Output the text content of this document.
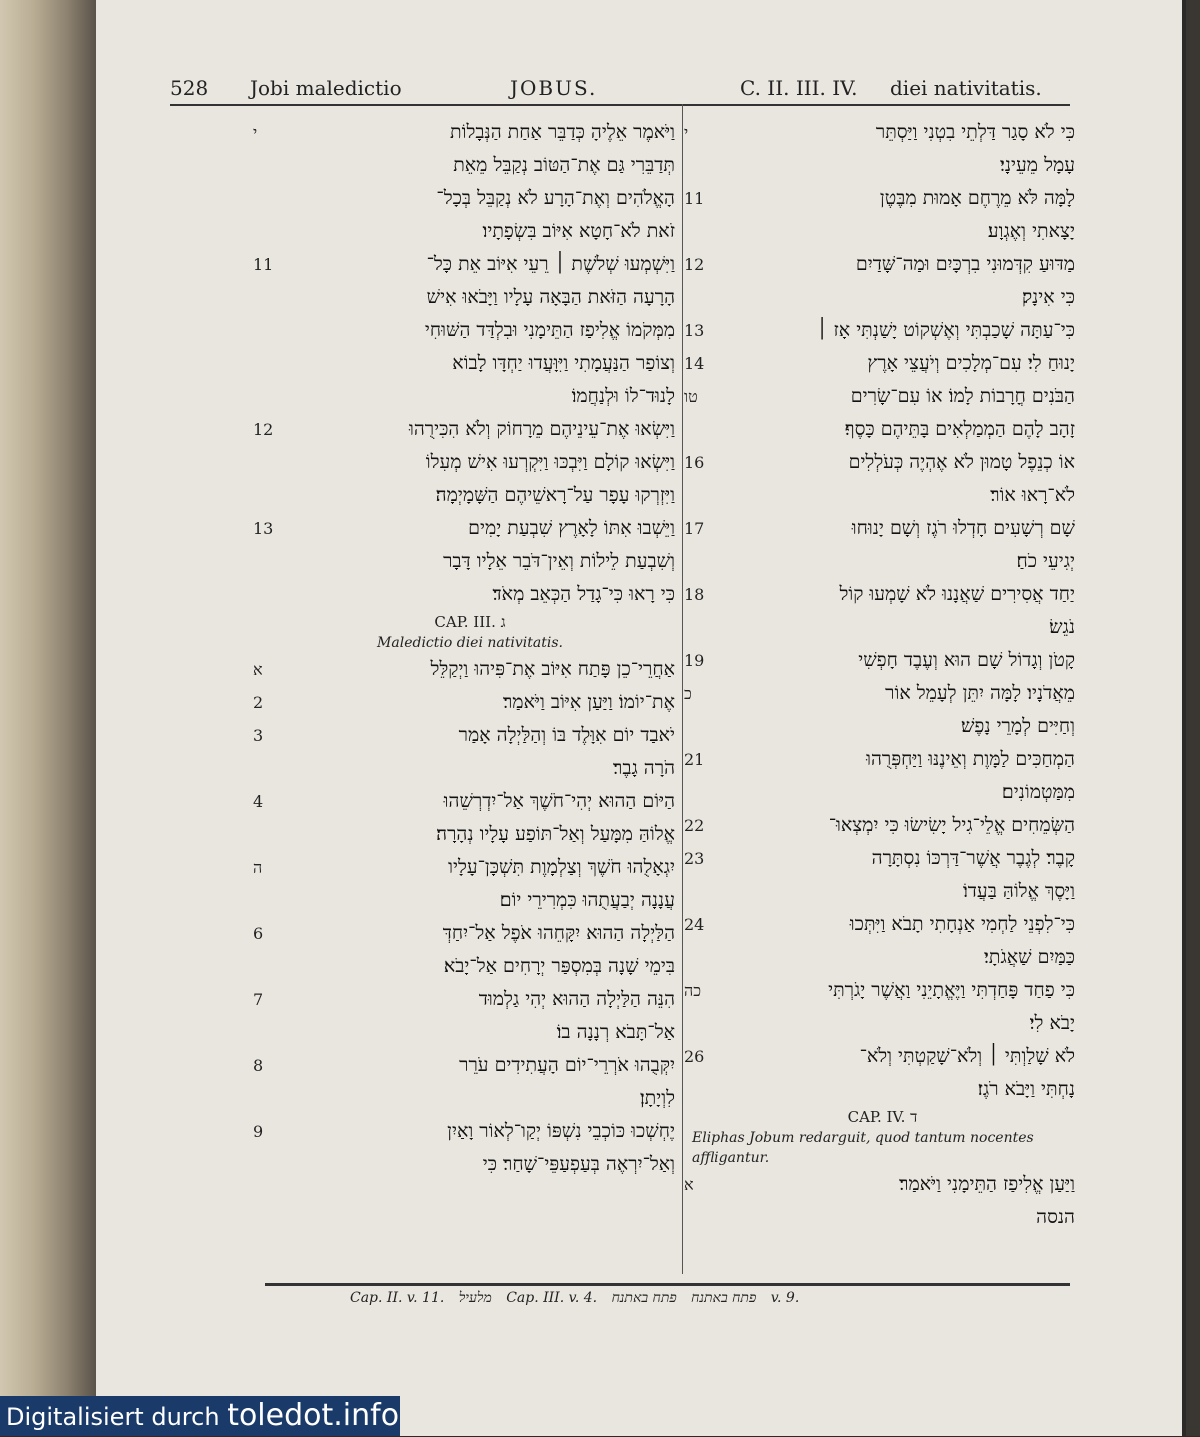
528 Jobi maledictio	JOBUS.	C. II. III. IV. diei nativitatis.
י	כִּי לֹא סָגַר דַּלְתֵי בִטְנִי וַיַּסְתֵּר
עָמָל מֵעֵינָי׃
11	לָמָּה לֹּא מֵרֶחֶם אָמוּת מִבֶּטֶן
יָצָאתִי וְאֶגְוָע׃
12	מַדּוּעַ קִדְּמוּנִי בִרְכָּיִם וּמַה־שָּׁדַיִם
כִּי אִינָק׃
13	כִּי־עַתָּה שָׁכַבְתִּי וְאֶשְׁקוֹט יָשַׁנְתִּי אָז ׀
14	יָנוּחַ לִי׃ עִם־מְלָכִים וְיֹעֲצֵי אָרֶץ
טו	הַבֹּנִים חֳרָבוֹת לָמוֹ׃ אוֹ עִם־שָׂרִים
זָהָב לָהֶם הַמְמַלְאִים בָּתֵּיהֶם כָּסֶף׃
16	אוֹ כְנֵפֶל טָמוּן לֹא אֶהְיֶה כְּעֹלְלִים
לֹא־רָאוּ אוֹר׃
17	שָׁם רְשָׁעִים חָדְלוּ רֹגֶז וְשָׁם יָנוּחוּ
יְגִיעֵי כֹחַ׃
18	יַחַד אֲסִירִים שַׁאֲנָנוּ לֹא שָׁמְעוּ קוֹל
נֹגֵשׂ׃
19	קָטֹן וְגָדוֹל שָׁם הוּא וְעֶבֶד חָפְשִׁי
כ	מֵאֲדֹנָיו׃ לָמָּה יִתֵּן לְעָמֵל אוֹר
וְחַיִּים לְמָרֵי נָפֶשׁ׃
21	הַמְחַכִּים לַמָּוֶת וְאֵינֶנּוּ וַיַּחְפְּרֻהוּ
מִמַּטְמוֹנִים׃
22	הַשְּׂמֵחִים אֱלֵי־גִיל יָשִׂישׂוּ כִּי יִמְצְאוּ־
23	קָבֶר׃ לְגֶבֶר אֲשֶׁר־דַּרְכּוֹ נִסְתָּרָה
וַיָּסֶךְ אֱלוֹהַּ בַּעֲדוֹ׃
24	כִּי־לִפְנֵי לַחְמִי אַנְחָתִי תָבֹא וַיִּתְּכוּ
כַּמַּיִם שַׁאֲגֹתָי׃
כה	כִּי פַחַד פָּחַדְתִּי וַיֶּאֱתָיֵנִי וַאֲשֶׁר יָגֹרְתִּי
יָבֹא לִי׃
26	לֹא שָׁלַוְתִּי ׀ וְלֹא־שָׁקַטְתִּי וְלֹא־
נָחְתִּי וַיָּבֹא רֹגֶז׃
CAP. IV. ד
Eliphas Jobum redarguit, quod tantum nocentes
affligantur.
א	וַיַּעַן אֱלִיפַז הַתֵּימָנִי וַיֹּאמַר׃
הנסה
י	וַיֹּאמֶר אֵלֶיהָ כְּדַבֵּר אַחַת הַנְּבָלוֹת
תְּדַבֵּרִי גַּם אֶת־הַטּוֹב נְקַבֵּל מֵאֵת
הָאֱלֹהִים וְאֶת־הָרָע לֹא נְקַבֵּל בְּכָל־
זֹאת לֹא־חָטָא אִיּוֹב בִּשְׂפָתָיו׃
11	וַיִּשְׁמְעוּ שְׁלֹשֶׁת ׀ רֵעֵי אִיּוֹב אֵת כָּל־
הָרָעָה הַזֹּאת הַבָּאָה עָלָיו וַיָּבֹאוּ אִישׁ
מִמְּקֹמוֹ אֱלִיפַז הַתֵּימָנִי וּבִלְדַּד הַשּׁוּחִי
וְצוֹפַר הַנַּעֲמָתִי וַיִּוָּעֲדוּ יַחְדָּו לָבוֹא
לָנוּד־לוֹ וּלְנַחֲמוֹ׃
12	וַיִּשְׂאוּ אֶת־עֵינֵיהֶם מֵרָחוֹק וְלֹא הִכִּירֻהוּ
וַיִּשְׂאוּ קוֹלָם וַיִּבְכּוּ וַיִּקְרְעוּ אִישׁ מְעִלוֹ
וַיִּזְרְקוּ עָפָר עַל־רָאשֵׁיהֶם הַשָּׁמָיְמָה׃
13	וַיֵּשְׁבוּ אִתּוֹ לָאָרֶץ שִׁבְעַת יָמִים
וְשִׁבְעַת לֵילוֹת וְאֵין־דֹּבֵר אֵלָיו דָּבָר
כִּי רָאוּ כִּי־גָדַל הַכְּאֵב מְאֹד׃
CAP. III. ג
Maledictio diei nativitatis.
א	אַחֲרֵי־כֵן פָּתַח אִיּוֹב אֶת־פִּיהוּ וַיְקַלֵּל
2	אֶת־יוֹמוֹ׃ וַיַּעַן אִיּוֹב וַיֹּאמַר׃
3	יֹאבַד יוֹם אִוָּלֶד בּוֹ וְהַלַּיְלָה אָמַר
הֹרָה גָבֶר׃
4	הַיּוֹם הַהוּא יְהִי־חֹשֶׁךְ אַל־יִדְרְשֵׁהוּ
אֱלוֹהַּ מִמָּעַל וְאַל־תּוֹפַע עָלָיו נְהָרָה׃
ה	יִגְאָלֻהוּ חֹשֶׁךְ וְצַלְמָוֶת תִּשְׁכָּן־עָלָיו
עֲנָנָה יְבַעֲתֻהוּ כִּמְרִירֵי יוֹם׃
6	הַלַּיְלָה הַהוּא יִקָּחֵהוּ אֹפֶל אַל־יִחַדְּ
בִּימֵי שָׁנָה בְּמִסְפַּר יְרָחִים אַל־יָבֹא׃
7	הִנֵּה הַלַּיְלָה הַהוּא יְהִי גַלְמוּד
אַל־תָּבֹא רְנָנָה בוֹ׃
8	יִקְּבֻהוּ אֹרְרֵי־יוֹם הָעֲתִידִים עֹרֵר
לִוְיָתָן׃
9	יֶחְשְׁכוּ כּוֹכְבֵי נִשְׁפּוֹ יְקַו־לְאוֹר וָאַיִן
וְאַל־יִרְאֶה בְּעַפְעַפֵּי־שָׁחַר׃ כִּי
Cap. II. v. 11. מלעיל Cap. III. v. 4.	פתח באתנח פתח באתנח	v. 9.
Digitalisiert durch toledot.info
